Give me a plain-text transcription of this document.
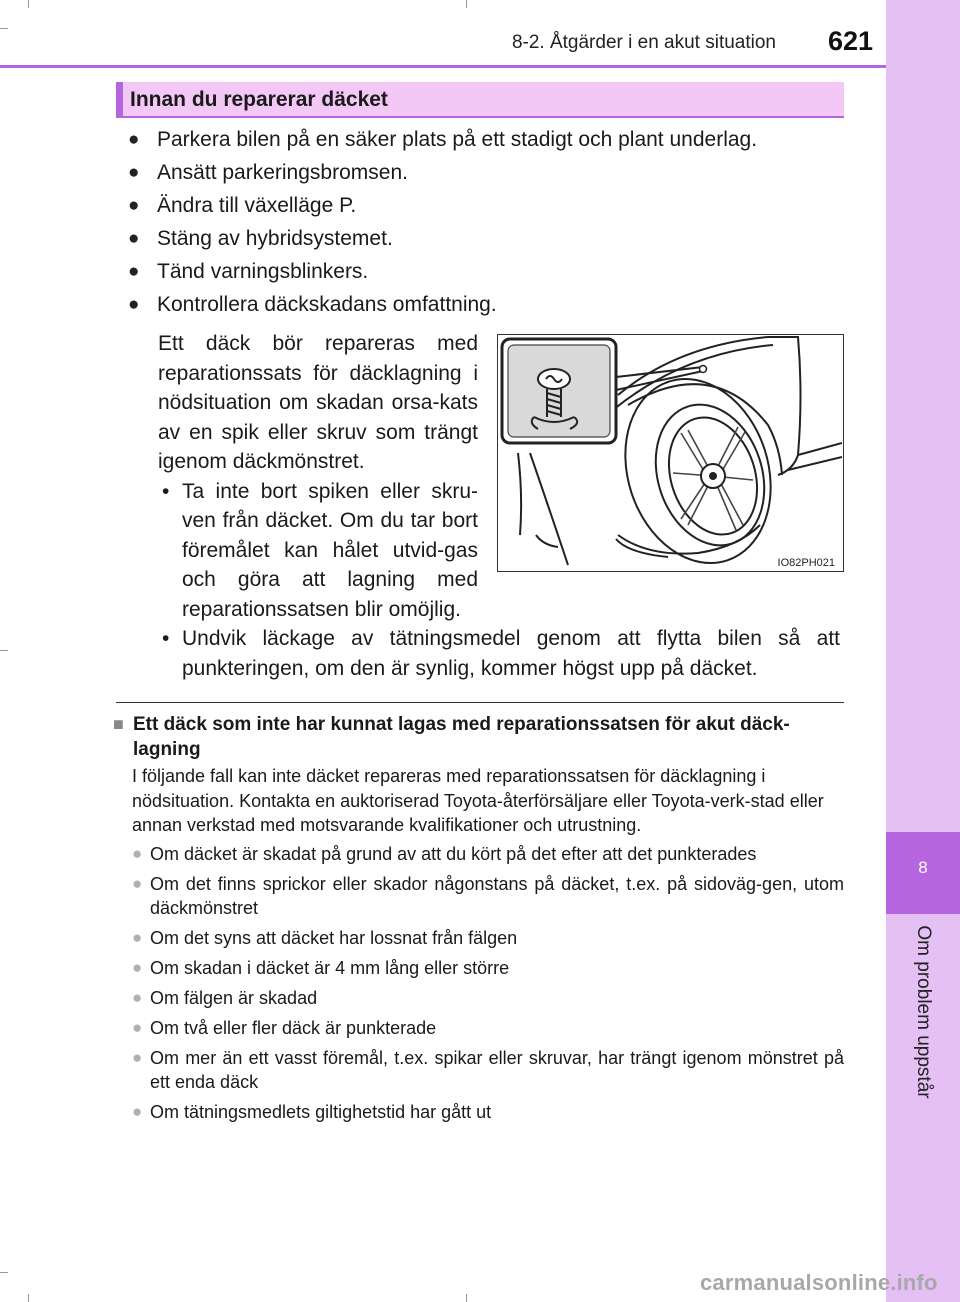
8-2. Åtgärder i en akut situation 621
8
Om problem uppstår
Innan du reparerar däcket
● Parkera bilen på en säker plats på ett stadigt och plant underlag.
● Ansätt parkeringsbromsen.
● Ändra till växelläge P.
● Stäng av hybridsystemet.
● Tänd varningsblinkers.
● Kontrollera däckskadans omfattning.

Ett däck bör repareras med reparationssats för däcklagning i nödsituation om skadan orsa-kats av en spik eller skruv som trängt igenom däckmönstret.

• Ta inte bort spiken eller skru-ven från däcket. Om du tar bort föremålet kan hålet utvid-gas och göra att lagning med reparationssatsen blir omöjlig.
• Undvik läckage av tätningsmedel genom att flytta bilen så att punkteringen, om den är synlig, kommer högst upp på däcket.
IO82PH021
■ Ett däck som inte har kunnat lagas med reparationssatsen för akut däck-lagning
I följande fall kan inte däcket repareras med reparationssatsen för däcklagning i nödsituation. Kontakta en auktoriserad Toyota-återförsäljare eller Toyota-verk-stad eller annan verkstad med motsvarande kvalifikationer och utrustning.
● Om däcket är skadat på grund av att du kört på det efter att det punkterades
● Om det finns sprickor eller skador någonstans på däcket, t.ex. på sidoväg-gen, utom däckmönstret
● Om det syns att däcket har lossnat från fälgen
● Om skadan i däcket är 4 mm lång eller större
● Om fälgen är skadad
● Om två eller fler däck är punkterade
● Om mer än ett vasst föremål, t.ex. spikar eller skruvar, har trängt igenom mönstret på ett enda däck
● Om tätningsmedlets giltighetstid har gått ut
carmanualsonline.info
